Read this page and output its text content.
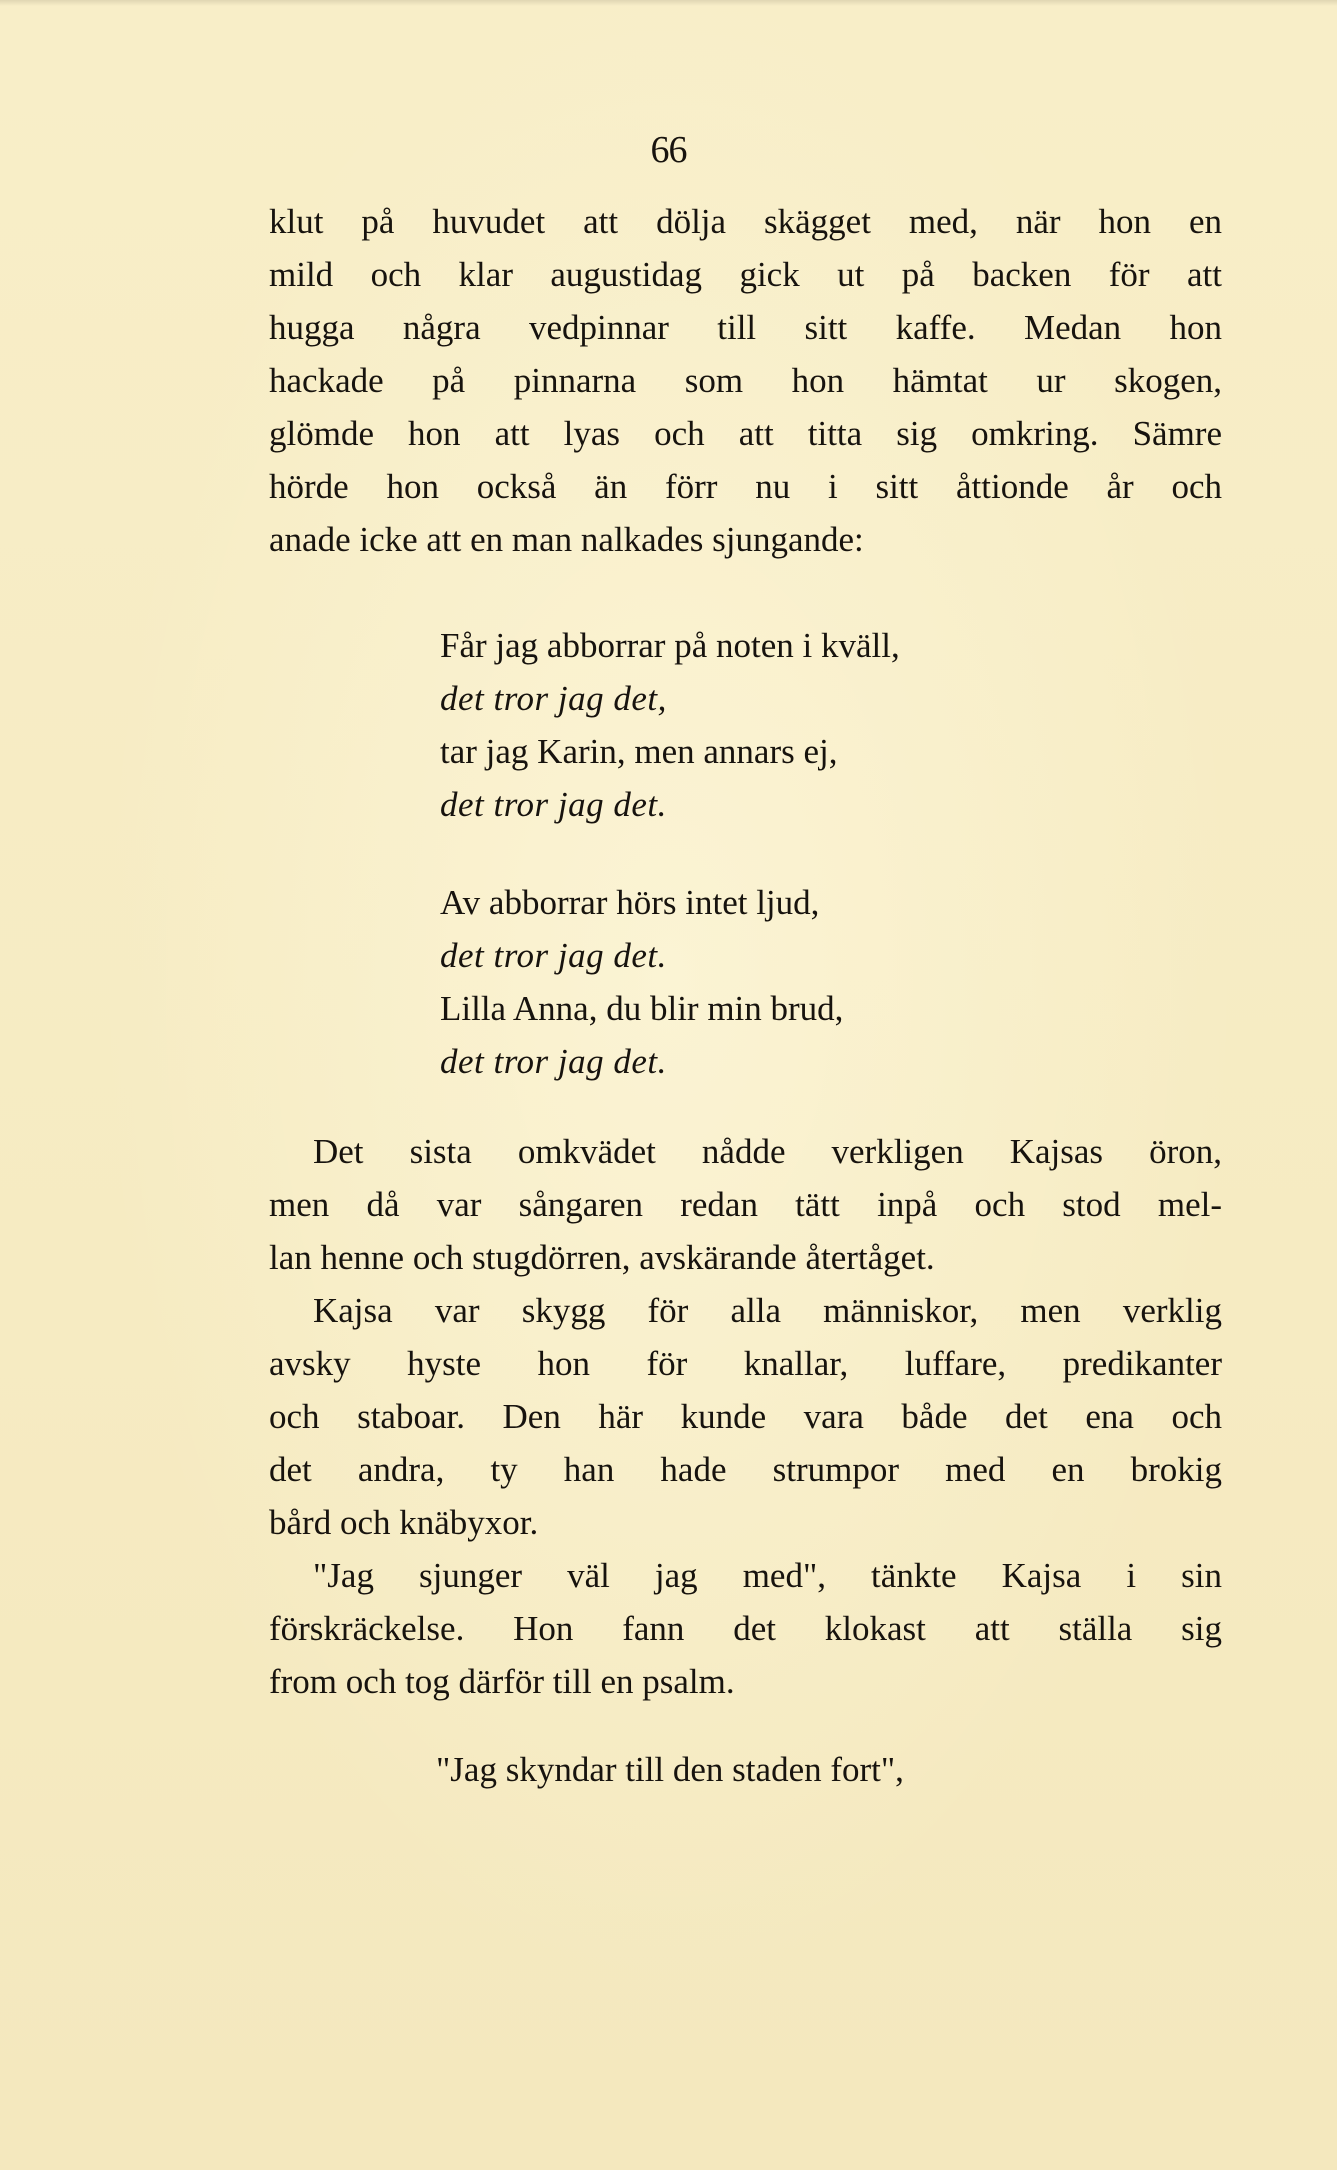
66
klut på huvudet att dölja skägget med, när hon en
mild och klar augustidag gick ut på backen för att
hugga några vedpinnar till sitt kaffe. Medan hon
hackade på pinnarna som hon hämtat ur skogen,
glömde hon att lyas och att titta sig omkring. Sämre
hörde hon också än förr nu i sitt åttionde år och
anade icke att en man nalkades sjungande:
Får jag abborrar på noten i kväll,
det tror jag det,
tar jag Karin, men annars ej,
det tror jag det.
Av abborrar hörs intet ljud,
det tror jag det.
Lilla Anna, du blir min brud,
det tror jag det.
Det sista omkvädet nådde verkligen Kajsas öron,
men då var sångaren redan tätt inpå och stod mel-
lan henne och stugdörren, avskärande återtåget.
Kajsa var skygg för alla människor, men verklig
avsky hyste hon för knallar, luffare, predikanter
och staboar. Den här kunde vara både det ena och
det andra, ty han hade strumpor med en brokig
bård och knäbyxor.
"Jag sjunger väl jag med", tänkte Kajsa i sin
förskräckelse. Hon fann det klokast att ställa sig
from och tog därför till en psalm.
"Jag skyndar till den staden fort",
